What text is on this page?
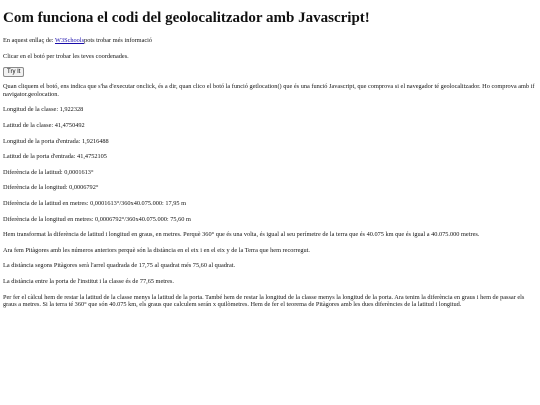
Com funciona el codi del geolocalitzador amb Javascript!

En aquest enllaç de: W3Schoolspots trobar més informació

Clicar en el botó per trobar les teves coordenades.

Try It

Quan cliquem el botó, ens indica que s'ha d'executar onclick, és a dir, quan clico el botó la funció getlocation() que és una funció Javascript, que comprova si el navegador té geolocalitzador. Ho comprova amb if navigator.geolocation.

Longitud de la classe: 1,922328

Latitud de la classe: 41,4750492

Longitud de la porta d'entrada: 1,9216488

Latitud de la porta d'entrada: 41,4752105

Diferència de la latitud: 0,0001613°

Diferència de la longitud: 0,0006792°

Diferència de la latitud en metres: 0,0001613°/360x40.075.000: 17,95 m

Diferència de la longitud en metres: 0,0006792°/360x40.075.000: 75,60 m

Hem transformat la diferència de latitud i longitud en graus, en metres. Perquè 360° que és una volta, és igual al seu perímetre de la terra que és 40.075 km que és igual a 40.075.000 metres.

Ara fem Pitàgores amb les números anteriors perquè són la distància en el eix i en el eix y de la Terra que hem recorregut.

La distància segons Pitàgores serà l'arrel quadrada de 17,75 al quadrat més 75,60 al quadrat.

La distància entre la porta de l'institut i la classe és de 77,65 metres.

Per fer el càlcul hem de restar la latitud de la classe menys la latitud de la porta. També hem de restar la longitud de la classe menys la longitud de la porta. Ara tenim la diferència en graus i hem de passar els graus a metres. Si la terra té 360° que són 40.075 km, els graus que calculem serán x quilòmetres. Hem de fer el teorema de Pitàgores amb les dues diferències de la latitud i longitud.
